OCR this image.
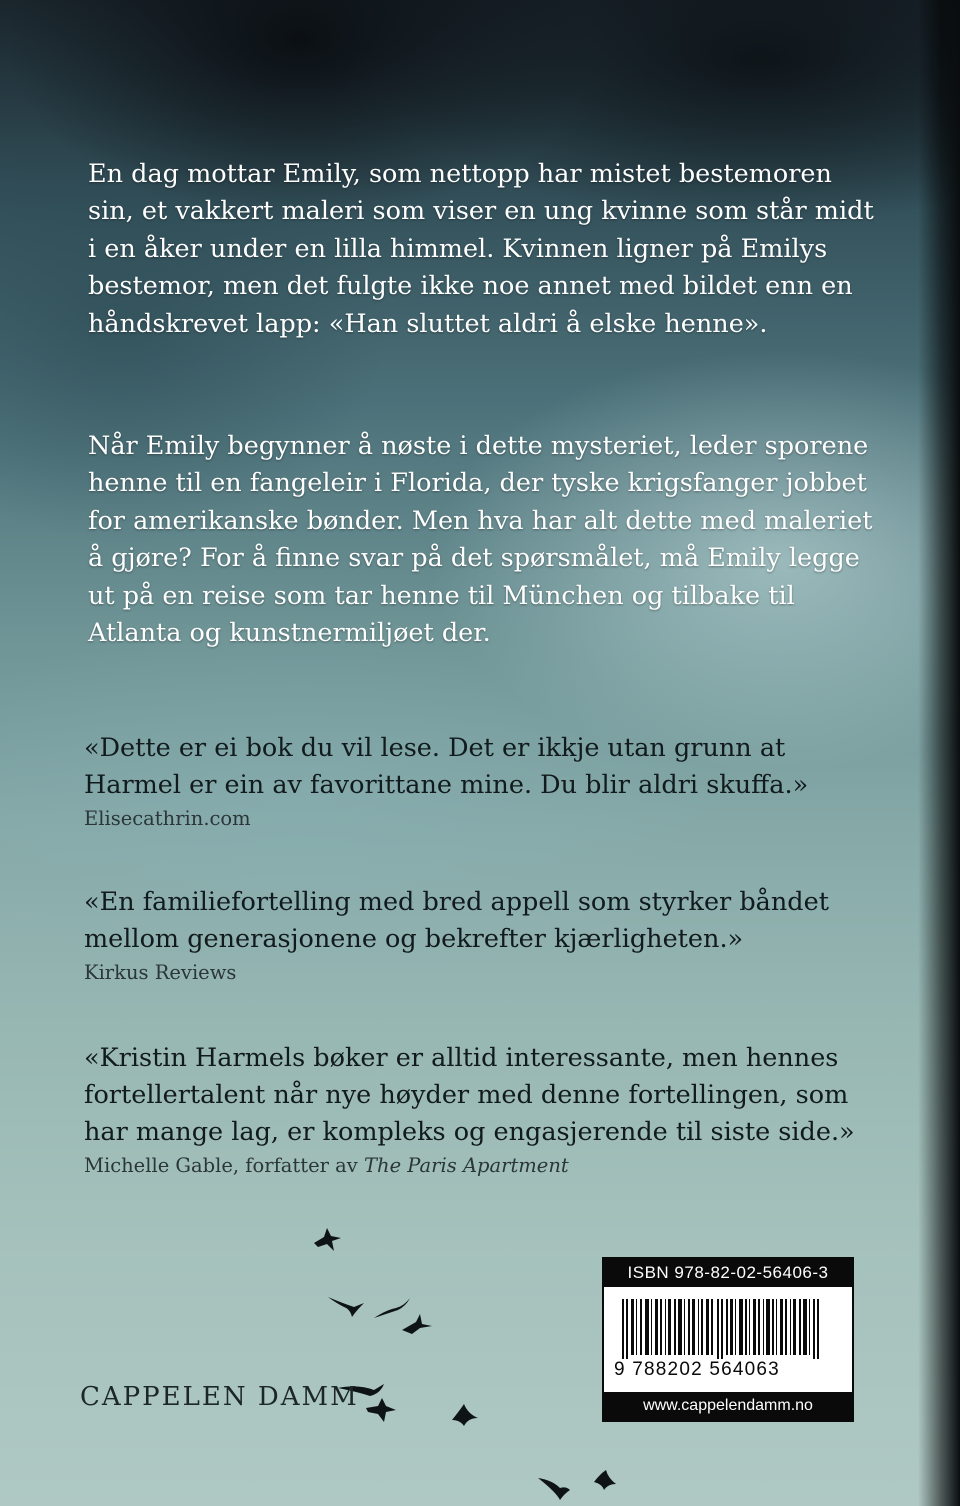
En dag mottar Emily, som nettopp har mistet bestemoren sin, et vakkert maleri som viser en ung kvinne som står midt i en åker under en lilla himmel. Kvinnen ligner på Emilys bestemor, men det fulgte ikke noe annet med bildet enn en håndskrevet lapp: «Han sluttet aldri å elske henne».

Når Emily begynner å nøste i dette mysteriet, leder sporene henne til en fangeleir i Florida, der tyske krigsfanger jobbet for amerikanske bønder. Men hva har alt dette med maleriet å gjøre? For å finne svar på det spørsmålet, må Emily legge ut på en reise som tar henne til München og tilbake til Atlanta og kunstnermiljøet der.

«Dette er ei bok du vil lese. Det er ikkje utan grunn at Harmel er ein av favorittane mine. Du blir aldri skuffa.»
Elisecathrin.com
«En familiefortelling med bred appell som styrker båndet mellom generasjonene og bekrefter kjærligheten.»
Kirkus Reviews
«Kristin Harmels bøker er alltid interessante, men hennes fortellertalent når nye høyder med denne fortellingen, som har mange lag, er kompleks og engasjerende til siste side.»
Michelle Gable, forfatter av The Paris Apartment
CAPPELEN DAMM
ISBN 978-82-02-56406-3
9 788202 564063
www.cappelendamm.no
